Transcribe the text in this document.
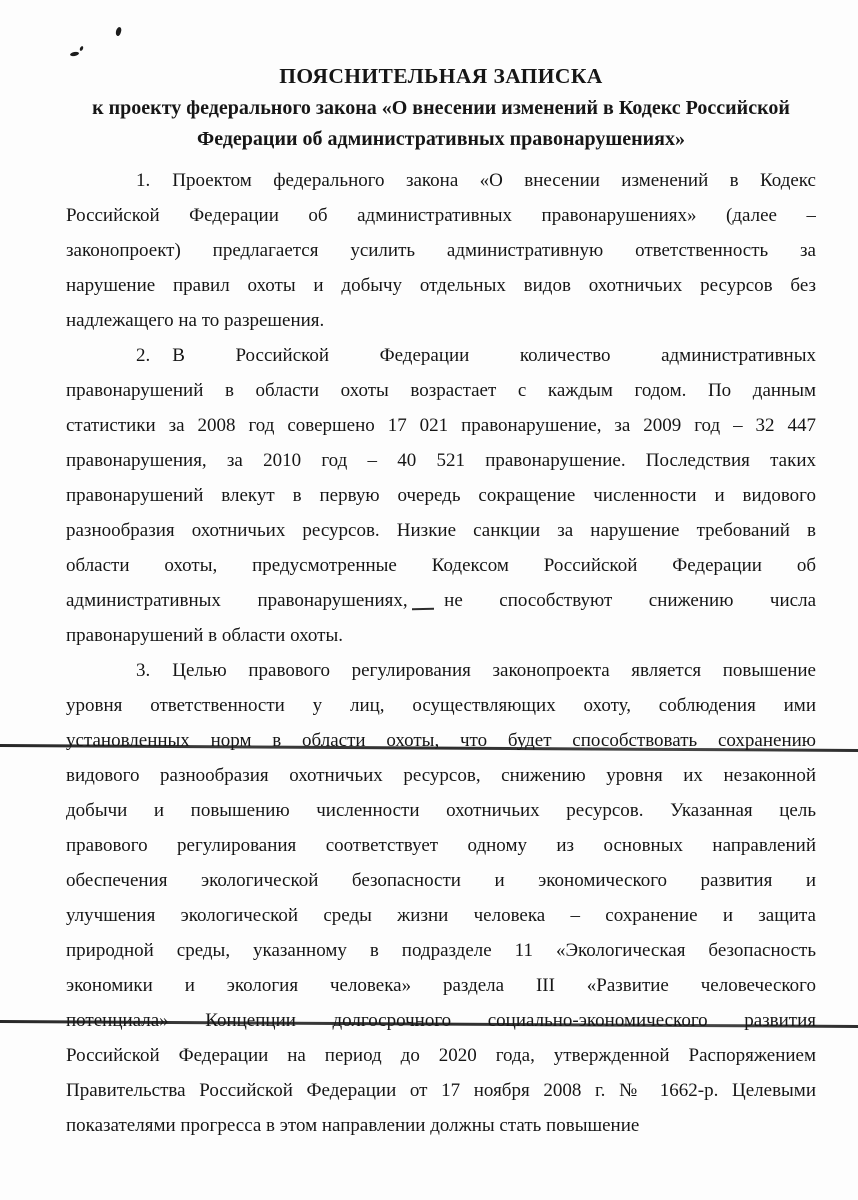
ПОЯСНИТЕЛЬНАЯ ЗАПИСКА
к проекту федерального закона «О внесении изменений в Кодекс Российской
Федерации об административных правонарушениях»
1. Проектом федерального закона «О внесении изменений в Кодекс
Российской Федерации об административных правонарушениях» (далее –
законопроект) предлагается усилить административную ответственность за
нарушение правил охоты и добычу отдельных видов охотничьих ресурсов без
надлежащего на то разрешения.
2. В Российской Федерации количество административных
правонарушений в области охоты возрастает с каждым годом. По данным
статистики за 2008 год совершено 17 021 правонарушение, за 2009 год – 32 447
правонарушения, за 2010 год – 40 521 правонарушение. Последствия таких
правонарушений влекут в первую очередь сокращение численности и видового
разнообразия охотничьих ресурсов. Низкие санкции за нарушение требований в
области охоты, предусмотренные Кодексом Российской Федерации об
административных правонарушениях, не способствуют снижению числа
правонарушений в области охоты.
3. Целью правового регулирования законопроекта является повышение
уровня ответственности у лиц, осуществляющих охоту, соблюдения ими
установленных норм в области охоты, что будет способствовать сохранению
видового разнообразия охотничьих ресурсов, снижению уровня их незаконной
добычи и повышению численности охотничьих ресурсов. Указанная цель
правового регулирования соответствует одному из основных направлений
обеспечения экологической безопасности и экономического развития и
улучшения экологической среды жизни человека – сохранение и защита
природной среды, указанному в подразделе 11 «Экологическая безопасность
экономики и экология человека» раздела III «Развитие человеческого
потенциала» Концепции долгосрочного социально-экономического развития
Российской Федерации на период до 2020 года, утвержденной Распоряжением
Правительства Российской Федерации от 17 ноября 2008 г. № 1662-р. Целевыми
показателями прогресса в этом направлении должны стать повышение
